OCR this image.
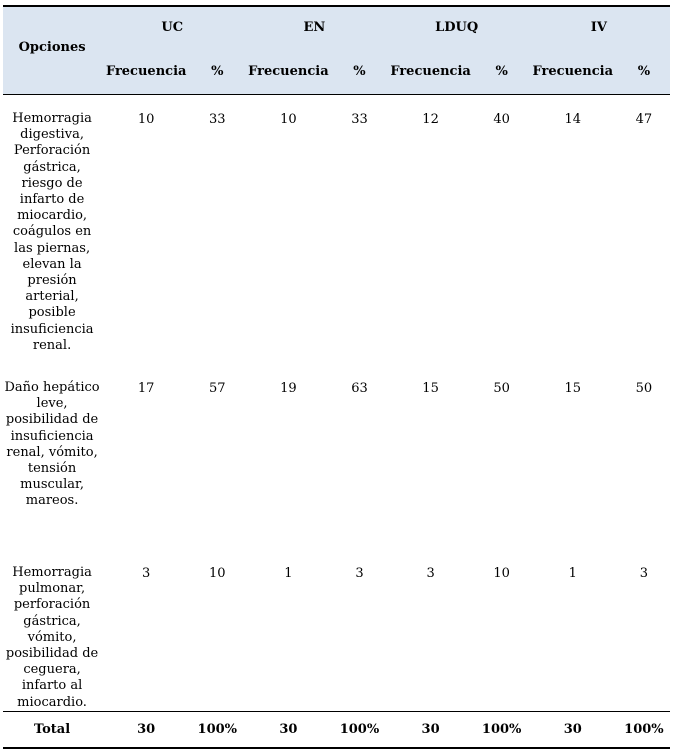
Opciones	UC		EN		LDUQ		IV	
	Frecuencia	%	Frecuencia	%	Frecuencia	%	Frecuencia	%
Hemorragia digestiva, Perforación gástrica, riesgo de infarto de miocardio, coágulos en las piernas, elevan la presión arterial, posible insuficiencia renal.	10	33	10	33	12	40	14	47
Daño hepático leve, posibilidad de insuficiencia renal, vómito, tensión muscular, mareos.	17	57	19	63	15	50	15	50
Hemorragia pulmonar, perforación gástrica, vómito, posibilidad de ceguera, infarto al miocardio.	3	10	1	3	3	10	1	3
Total	30	100%	30	100%	30	100%	30	100%
